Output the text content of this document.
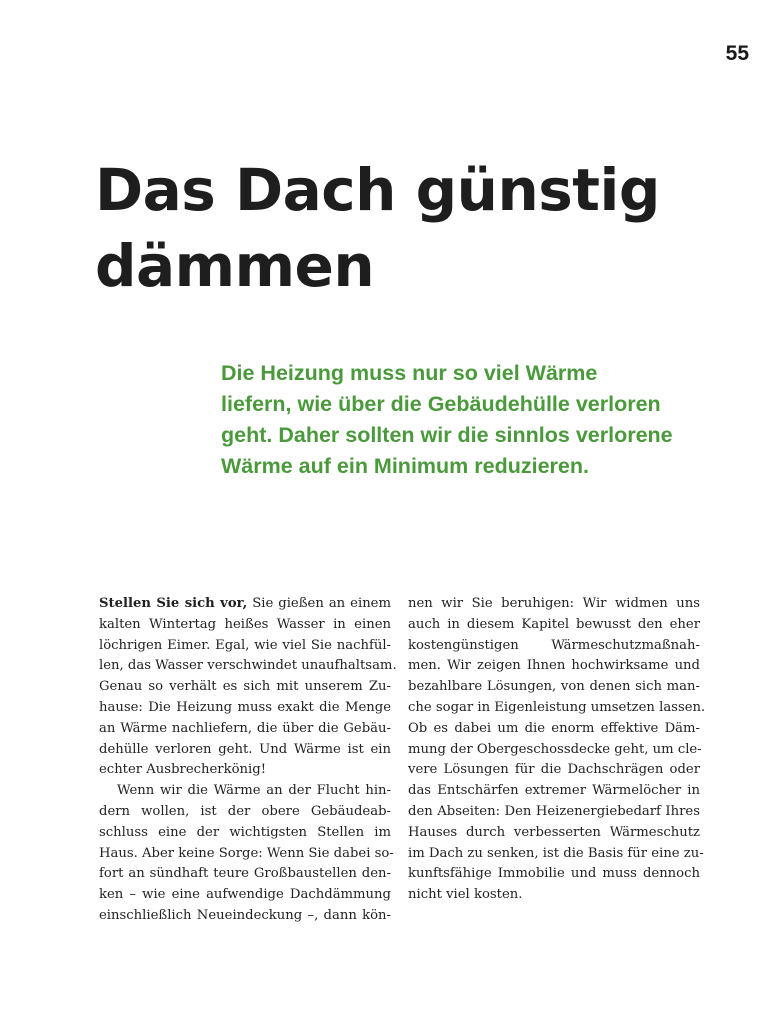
55
Das Dach günstig
dämmen

Die Heizung muss nur so viel Wärme
liefern, wie über die Gebäudehülle verloren
geht. Daher sollten wir die sinnlos verlorene
Wärme auf ein Minimum reduzieren.

Stellen Sie sich vor, Sie gießen an einem
kalten Wintertag heißes Wasser in einen
löchrigen Eimer. Egal, wie viel Sie nachfül-
len, das Wasser verschwindet unaufhaltsam.
Genau so verhält es sich mit unserem Zu-
hause: Die Heizung muss exakt die Menge
an Wärme nachliefern, die über die Gebäu-
dehülle verloren geht. Und Wärme ist ein
echter Ausbrecherkönig!
Wenn wir die Wärme an der Flucht hin-
dern wollen, ist der obere Gebäudeab-
schluss eine der wichtigsten Stellen im
Haus. Aber keine Sorge: Wenn Sie dabei so-
fort an sündhaft teure Großbaustellen den-
ken – wie eine aufwendige Dachdämmung
einschließlich Neueindeckung –, dann kön-
nen wir Sie beruhigen: Wir widmen uns
auch in diesem Kapitel bewusst den eher
kostengünstigen Wärmeschutzmaßnah-
men. Wir zeigen Ihnen hochwirksame und
bezahlbare Lösungen, von denen sich man-
che sogar in Eigenleistung umsetzen lassen.
Ob es dabei um die enorm effektive Däm-
mung der Obergeschossdecke geht, um cle-
vere Lösungen für die Dachschrägen oder
das Entschärfen extremer Wärmelöcher in
den Abseiten: Den Heizenergiebedarf Ihres
Hauses durch verbesserten Wärmeschutz
im Dach zu senken, ist die Basis für eine zu-
kunftsfähige Immobilie und muss dennoch
nicht viel kosten.
